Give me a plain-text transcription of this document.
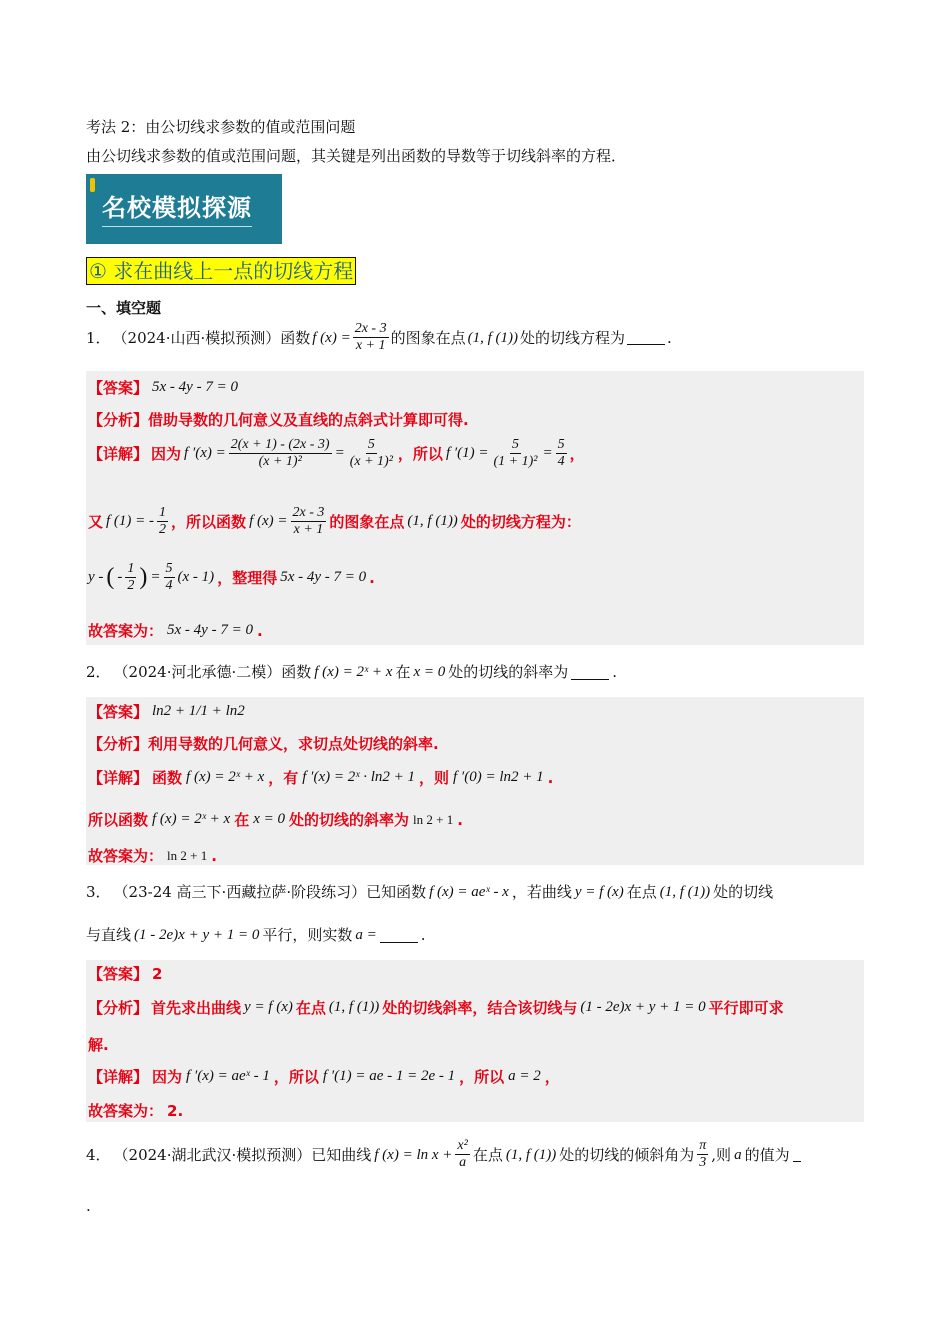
考法 2：由公切线求参数的值或范围问题
由公切线求参数的值或范围问题，其关键是列出函数的导数等于切线斜率的方程．
名校模拟探源
① 求在曲线上一点的切线方程
一、填空题
1． （2024·山西·模拟预测）函数 f $(x) = \frac{2x - 3}{x + 1}$ 的图象在点 (1, f (1)) 处的切线方程为	.
【答案】 5x - 4y - 7 = 0
【分析】借助导数的几何意义及直线的点斜式计算即可得.
【详解】 因为 f $'(x) = \frac{2(x + 1) - (2x - 3)}{\text{(x + 1)²}} = \frac{5}{\text{(x + 1)²}}$ ，所以 f $'(1) = \frac{5}{\text{(1 + 1)²}} = \frac{5}{4}$ ，
又 f (1) = - $\frac{1}{2}$ ，所以函数 f $(x) = \frac{2x - 3}{x + 1}$ 的图象在点 (1, f (1)) 处的切线方程为：
y - ( - $\frac{1}{2}$ ) = $\frac{5}{4} (x - 1)$ ，整理得 5x - 4y - 7 = 0 .
故答案为： 5x - 4y - 7 = 0 .
2． （2024·河北承德·二模）函数 f (x) = 2ˣ + x 在 x = 0 处的切线的斜率为	.
【答案】 ln2 + 1/1 + ln2
【分析】利用导数的几何意义，求切点处切线的斜率.
【详解】 函数 f (x) = 2ˣ + x ，有 f ′(x) = 2ˣ · ln2 + 1 ，则 f ′(0) = ln2 + 1 .
所以函数 f (x) = 2ˣ + x 在 x = 0 处的切线的斜率为 ln 2 + 1 .
故答案为： ln 2 + 1 .
3． （23-24 高三下·西藏拉萨·阶段练习）已知函数 f (x) = aeˣ - x ，若曲线 y = f (x) 在点 (1, f (1)) 处的切线
与直线 (1 - 2e)x + y + 1 = 0 平行，则实数 a =	.
【答案】 2
【分析】 首先求出曲线 y = f (x) 在点 (1, f (1)) 处的切线斜率，结合该切线与 (1 - 2e)x + y + 1 = 0 平行即可求
解.
【详解】 因为 f ′(x) = aeˣ - 1 ，所以 f ′(1) = ae - 1 = 2e - 1 ，所以 a = 2 ，
故答案为： 2.
4． （2024·湖北武汉·模拟预测）已知曲线 f $(x) = \ln x + \frac{\text{x²}}{a}$ 在点 (1, f (1)) 处的切线的倾斜角为 $\frac{\pi}{3}$ ,则 a 的值为
.
